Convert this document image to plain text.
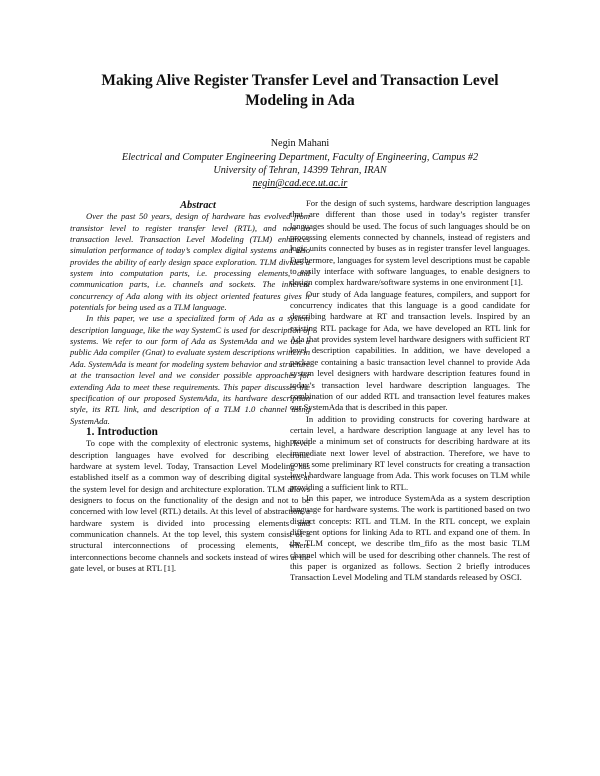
Making Alive Register Transfer Level and Transaction Level Modeling in Ada
Negin Mahani
Electrical and Computer Engineering Department, Faculty of Engineering, Campus #2
University of Tehran, 14399 Tehran, IRAN
negin@cad.ece.ut.ac.ir

Abstract

Over the past 50 years, design of hardware has evolved from transistor level to register transfer level (RTL), and now to transaction level. Transaction Level Modeling (TLM) enhances simulation performance of today’s complex digital systems and also provides the ability of early design space exploration. TLM divides a system into computation parts, i.e. processing elements, and communication parts, i.e. channels and sockets. The inherent concurrency of Ada along with its object oriented features gives it potentials for being used as a TLM language.

In this paper, we use a specialized form of Ada as a system description language, like the way SystemC is used for description of systems. We refer to our form of Ada as SystemAda and we use a public Ada compiler (Gnat) to evaluate system descriptions written in Ada. SystemAda is meant for modeling system behavior and structure at the transaction level and we consider possible approaches for extending Ada to meet these requirements. This paper discusses the specification of our proposed SystemAda, its hardware description style, its RTL link, and description of a TLM 1.0 channel using SystemAda.

1. Introduction

To cope with the complexity of electronic systems, high level description languages have evolved for describing electronic hardware at system level. Today, Transaction Level Modeling has established itself as a common way of describing digital systems at the system level for design and architecture exploration. TLM allows designers to focus on the functionality of the design and not to be concerned with low level (RTL) details. At this level of abstraction, a hardware system is divided into processing elements and communication channels. At the top level, this system consist of a structural interconnections of processing elements, where interconnections become channels and sockets instead of wires at the gate level, or buses at RTL [1].

For the design of such systems, hardware description languages that are different than those used in today’s register transfer languages should be used. The focus of such languages should be on processing elements connected by channels, instead of registers and logic units connected by buses as in register transfer level languages. Furthermore, languages for system level descriptions must be capable to easily interface with software languages, to enable designers to design complex hardware/software systems in one environment [1].

Our study of Ada language features, compilers, and support for concurrency indicates that this language is a good candidate for describing hardware at RT and transaction levels. Inspired by an existing RTL package for Ada, we have developed an RTL link for Ada that provides system level hardware designers with sufficient RT level description capabilities. In addition, we have developed a package containing a basic transaction level channel to provide Ada system level designers with hardware description features found in today’s transaction level hardware description languages. The combination of our added RTL and transaction level features makes our SystemAda that is described in this paper.

In addition to providing constructs for covering hardware at certain level, a hardware description language at any level has to provide a minimum set of constructs for describing hardware at its immediate next lower level of abstraction. Therefore, we have to cover some preliminary RT level constructs for creating a transaction level hardware language from Ada. This work focuses on TLM while providing a sufficient link to RTL.

In this paper, we introduce SystemAda as a system description language for hardware systems. The work is partitioned based on two distinct concepts: RTL and TLM. In the RTL concept, we explain different options for linking Ada to RTL and expand one of them. In the TLM concept, we describe tlm_fifo as the most basic TLM channel which will be used for describing other channels. The rest of this paper is organized as follows. Section 2 briefly introduces Transaction Level Modeling and TLM standards released by OSCI.
